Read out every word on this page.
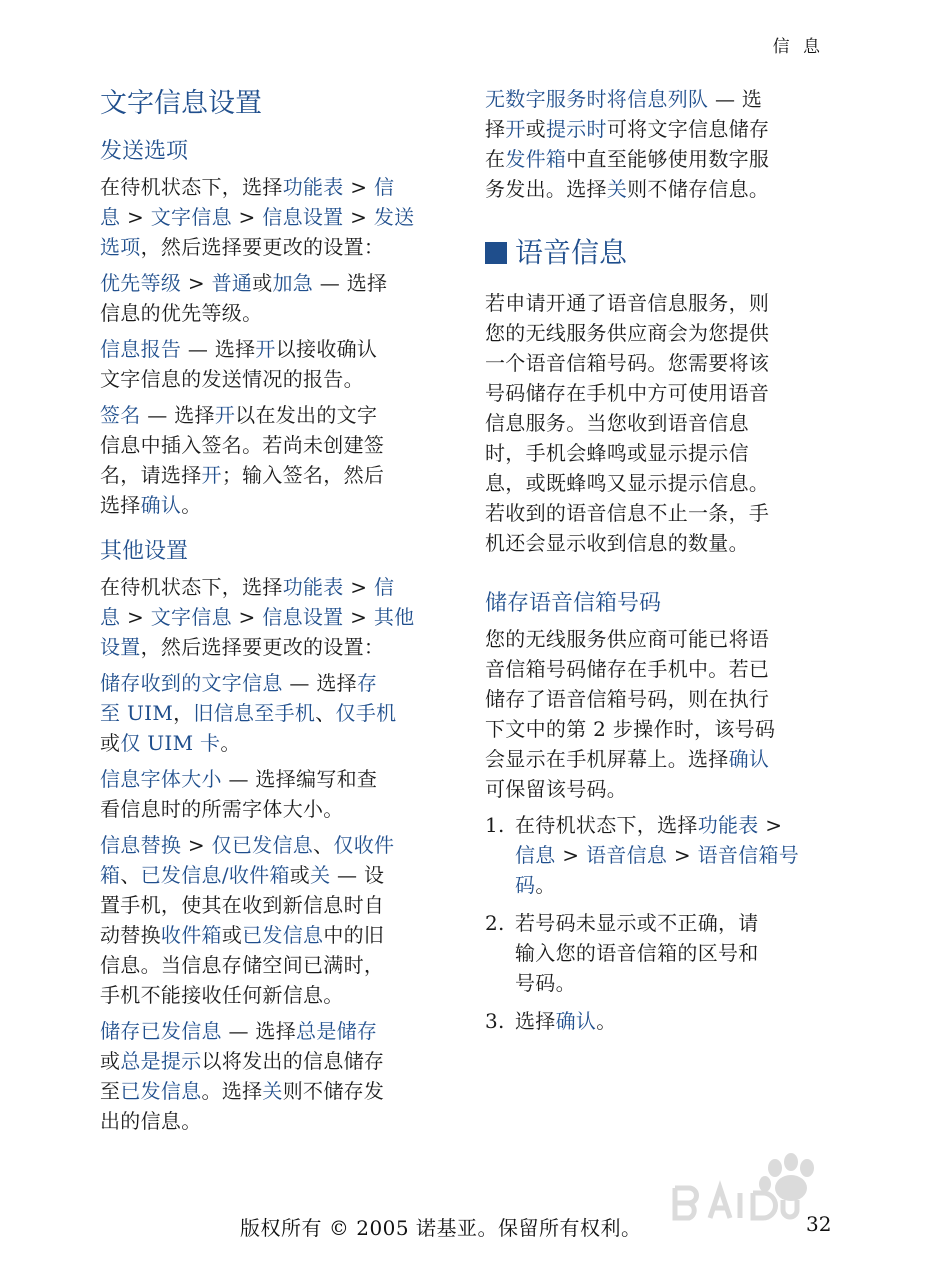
信 息
文字信息设置
发送选项
在待机状态下，选择功能表 > 信
息 > 文字信息 > 信息设置 > 发送
选项，然后选择要更改的设置：
优先等级 > 普通或加急 — 选择
信息的优先等级。
信息报告 — 选择开以接收确认
文字信息的发送情况的报告。
签名 — 选择开以在发出的文字
信息中插入签名。若尚未创建签
名，请选择开；输入签名，然后
选择确认。
其他设置
在待机状态下，选择功能表 > 信
息 > 文字信息 > 信息设置 > 其他
设置，然后选择要更改的设置：
储存收到的文字信息 — 选择存
至 UIM，旧信息至手机、仅手机
或仅 UIM 卡。
信息字体大小 — 选择编写和查
看信息时的所需字体大小。
信息替换 > 仅已发信息、仅收件
箱、已发信息/收件箱或关 — 设
置手机，使其在收到新信息时自
动替换收件箱或已发信息中的旧
信息。当信息存储空间已满时，
手机不能接收任何新信息。
储存已发信息 — 选择总是储存
或总是提示以将发出的信息储存
至已发信息。选择关则不储存发
出的信息。
无数字服务时将信息列队 — 选
择开或提示时可将文字信息储存
在发件箱中直至能够使用数字服
务发出。选择关则不储存信息。
语音信息
若申请开通了语音信息服务，则
您的无线服务供应商会为您提供
一个语音信箱号码。您需要将该
号码储存在手机中方可使用语音
信息服务。当您收到语音信息
时，手机会蜂鸣或显示提示信
息，或既蜂鸣又显示提示信息。
若收到的语音信息不止一条，手
机还会显示收到信息的数量。
储存语音信箱号码
您的无线服务供应商可能已将语
音信箱号码储存在手机中。若已
储存了语音信箱号码，则在执行
下文中的第 2 步操作时，该号码
会显示在手机屏幕上。选择确认
可保留该号码。
1. 在待机状态下，选择功能表 >
信息 > 语音信息 > 语音信箱号
码。
2. 若号码未显示或不正确，请
输入您的语音信箱的区号和
号码。
3. 选择确认。
版权所有 © 2005 诺基亚。保留所有权利。	32
